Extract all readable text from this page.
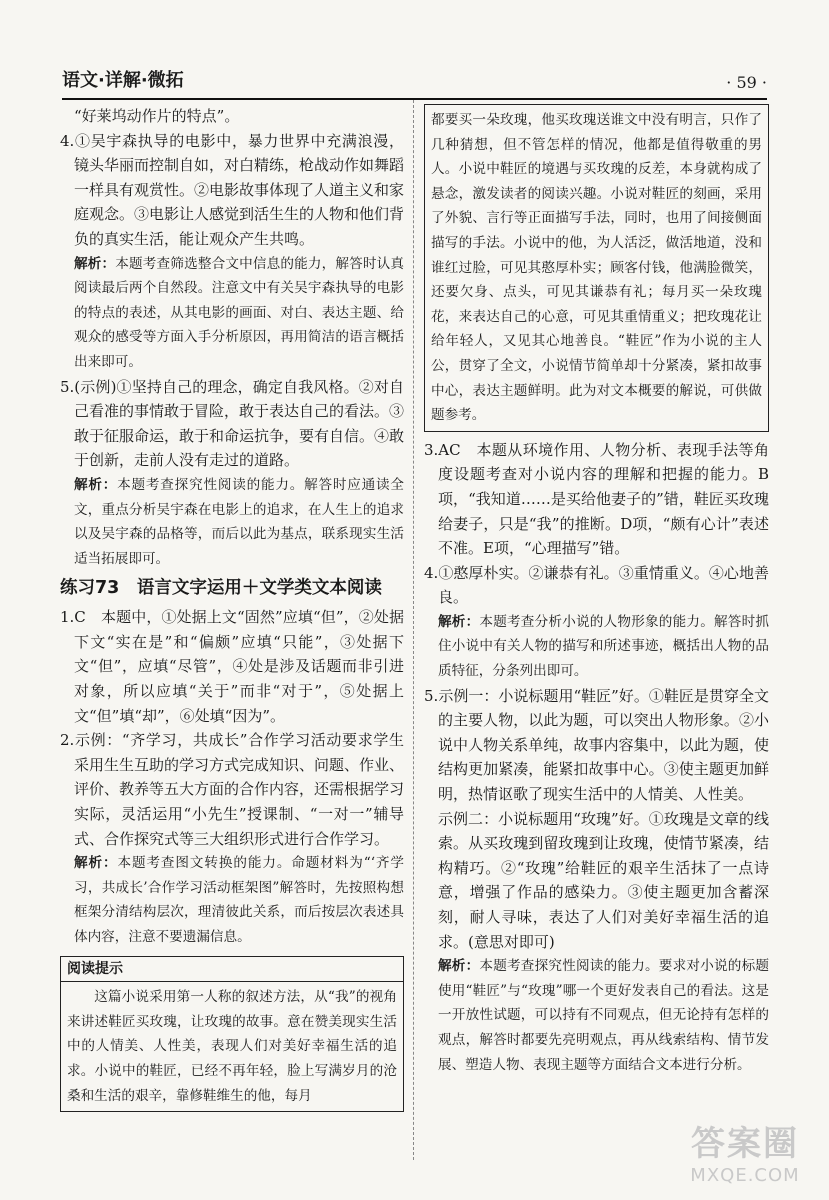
语文·详解·微拓	· 59 ·

“好莱坞动作片的特点”。

4.①吴宇森执导的电影中，暴力世界中充满浪漫，镜头华丽而控制自如，对白精练，枪战动作如舞蹈一样具有观赏性。②电影故事体现了人道主义和家庭观念。③电影让人感觉到活生生的人物和他们背负的真实生活，能让观众产生共鸣。

解析：本题考查筛选整合文中信息的能力，解答时认真阅读最后两个自然段。注意文中有关吴宇森执导的电影的特点的表述，从其电影的画面、对白、表达主题、给观众的感受等方面入手分析原因，再用简洁的语言概括出来即可。

5.(示例)①坚持自己的理念，确定自我风格。②对自己看准的事情敢于冒险，敢于表达自己的看法。③敢于征服命运，敢于和命运抗争，要有自信。④敢于创新，走前人没有走过的道路。

解析：本题考查探究性阅读的能力。解答时应通读全文，重点分析吴宇森在电影上的追求，在人生上的追求以及吴宇森的品格等，而后以此为基点，联系现实生活适当拓展即可。

练习73　语言文字运用＋文学类文本阅读

1.C　本题中，①处据上文“固然”应填“但”，②处据下文“实在是”和“偏颇”应填“只能”，③处据下文“但”，应填“尽管”，④处是涉及话题而非引进对象，所以应填“关于”而非“对于”，⑤处据上文“但”填“却”，⑥处填“因为”。

2.示例：“齐学习，共成长”合作学习活动要求学生采用生生互助的学习方式完成知识、问题、作业、评价、教养等五大方面的合作内容，还需根据学习实际，灵活运用“小先生”授课制、“一对一”辅导式、合作探究式等三大组织形式进行合作学习。

解析：本题考查图文转换的能力。命题材料为“‘齐学习，共成长’合作学习活动框架图”解答时，先按照构想框架分清结构层次，理清彼此关系，而后按层次表述具体内容，注意不要遗漏信息。

阅读提示

这篇小说采用第一人称的叙述方法，从“我”的视角来讲述鞋匠买玫瑰，让玫瑰的故事。意在赞美现实生活中的人情美、人性美，表现人们对美好幸福生活的追求。小说中的鞋匠，已经不再年轻，脸上写满岁月的沧桑和生活的艰辛，靠修鞋维生的他，每月

都要买一朵玫瑰，他买玫瑰送谁文中没有明言，只作了几种猜想，但不管怎样的情况，他都是值得敬重的男人。小说中鞋匠的境遇与买玫瑰的反差，本身就构成了悬念，激发读者的阅读兴趣。小说对鞋匠的刻画，采用了外貌、言行等正面描写手法，同时，也用了间接侧面描写的手法。小说中的他，为人活泛，做活地道，没和谁红过脸，可见其憨厚朴实；顾客付钱，他满脸微笑，还要欠身、点头，可见其谦恭有礼；每月买一朵玫瑰花，来表达自己的心意，可见其重情重义；把玫瑰花让给年轻人，又见其心地善良。“鞋匠”作为小说的主人公，贯穿了全文，小说情节简单却十分紧凑，紧扣故事中心，表达主题鲜明。此为对文本概要的解说，可供做题参考。

3.AC　本题从环境作用、人物分析、表现手法等角度设题考查对小说内容的理解和把握的能力。B项，“我知道……是买给他妻子的”错，鞋匠买玫瑰给妻子，只是“我”的推断。D项，“颇有心计”表述不准。E项，“心理描写”错。

4.①憨厚朴实。②谦恭有礼。③重情重义。④心地善良。

解析：本题考查分析小说的人物形象的能力。解答时抓住小说中有关人物的描写和所述事迹，概括出人物的品质特征，分条列出即可。

5.示例一：小说标题用“鞋匠”好。①鞋匠是贯穿全文的主要人物，以此为题，可以突出人物形象。②小说中人物关系单纯，故事内容集中，以此为题，使结构更加紧凑，能紧扣故事中心。③使主题更加鲜明，热情讴歌了现实生活中的人情美、人性美。

示例二：小说标题用“玫瑰”好。①玫瑰是文章的线索。从买玫瑰到留玫瑰到让玫瑰，使情节紧凑，结构精巧。②“玫瑰”给鞋匠的艰辛生活抹了一点诗意，增强了作品的感染力。③使主题更加含蓄深刻，耐人寻味，表达了人们对美好幸福生活的追求。(意思对即可)

解析：本题考查探究性阅读的能力。要求对小说的标题使用“鞋匠”与“玫瑰”哪一个更好发表自己的看法。这是一开放性试题，可以持有不同观点，但无论持有怎样的观点，解答时都要先亮明观点，再从线索结构、情节发展、塑造人物、表现主题等方面结合文本进行分析。

答案圈
MXQE.COM
